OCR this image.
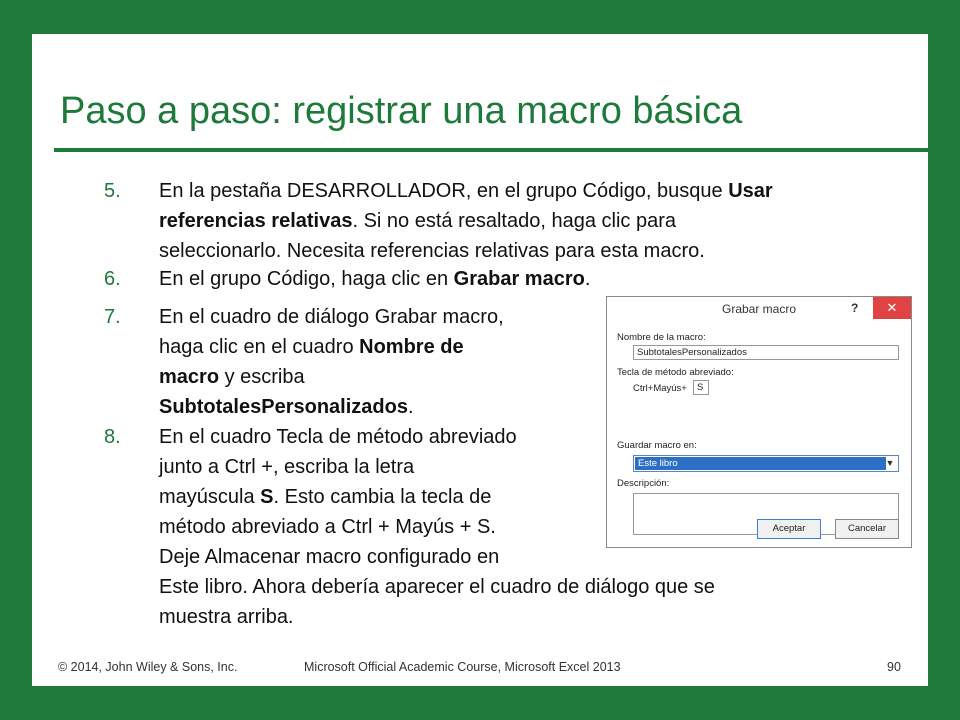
Paso a paso: registrar una macro básica
5. En la pestaña DESARROLLADOR, en el grupo Código, busque Usar
referencias relativas. Si no está resaltado, haga clic para
seleccionarlo. Necesita referencias relativas para esta macro.
6. En el grupo Código, haga clic en Grabar macro.
7. En el cuadro de diálogo Grabar macro,
haga clic en el cuadro Nombre de
macro y escriba
SubtotalesPersonalizados.
8. En el cuadro Tecla de método abreviado
junto a Ctrl +, escriba la letra
mayúscula S. Esto cambia la tecla de
método abreviado a Ctrl + Mayús + S.
Deje Almacenar macro configurado en
Este libro. Ahora debería aparecer el cuadro de diálogo que se
muestra arriba.
Grabar macro	?	✕
Nombre de la macro:
SubtotalesPersonalizados
Tecla de método abreviado:
Ctrl+Mayús+	S
Guardar macro en:
Este libro	▼
Descripción:
Aceptar	Cancelar
© 2014, John Wiley & Sons, Inc.	Microsoft Official Academic Course, Microsoft Excel 2013	90
